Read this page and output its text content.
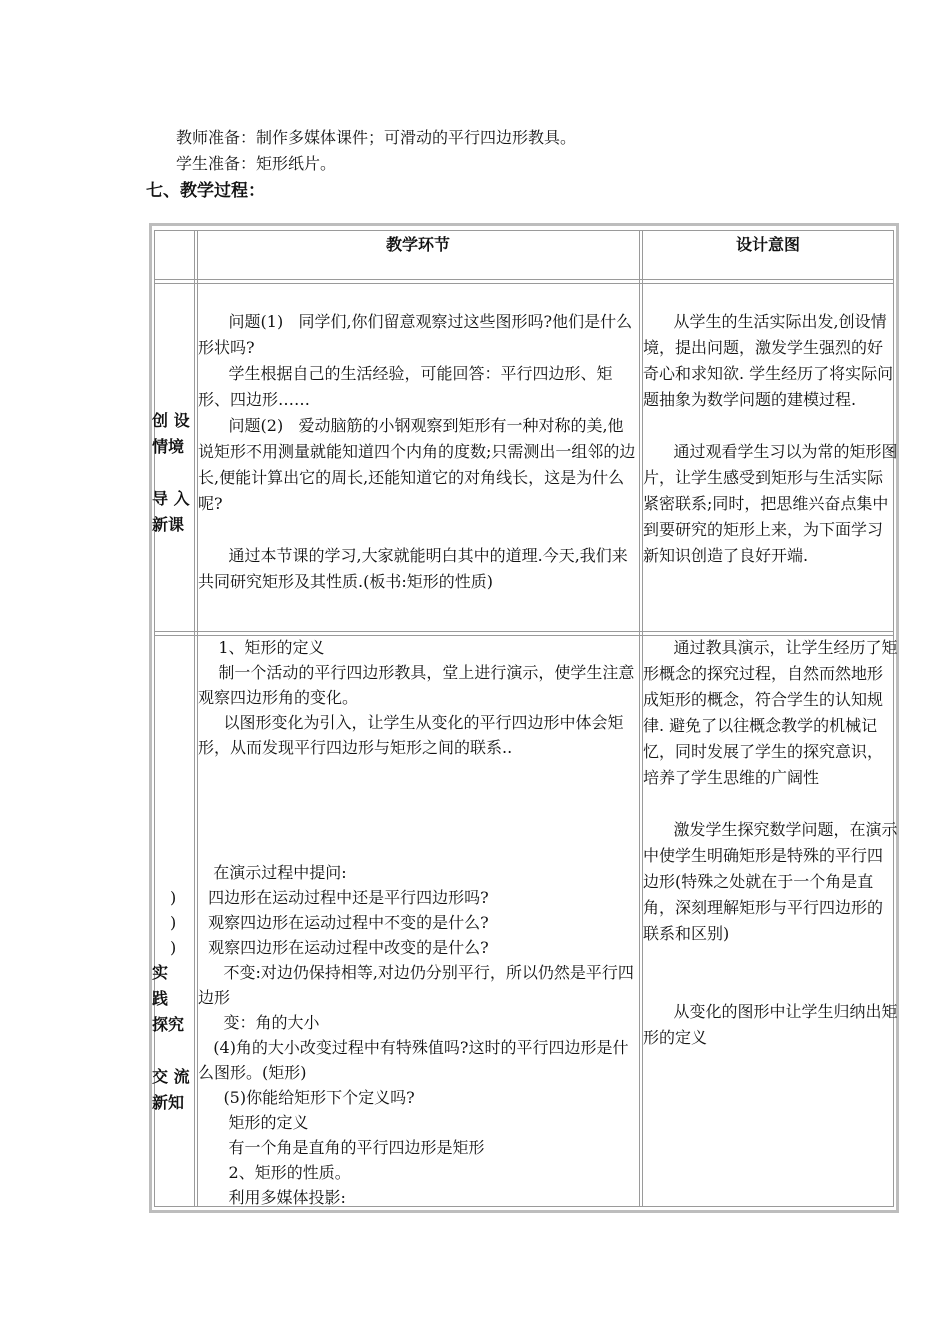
教师准备：制作多媒体课件；可滑动的平行四边形教具。
学生准备：矩形纸片。
七、教学过程：
教学环节	设计意图

创 设

情境

导 入

新课

问题(1)   同学们,你们留意观察过这些图形吗?他们是什么形状吗?

学生根据自己的生活经验，可能回答：平行四边形、矩形、四边形……

问题(2)   爱动脑筋的小钢观察到矩形有一种对称的美,他说矩形不用测量就能知道四个内角的度数;只需测出一组邻的边长,便能计算出它的周长,还能知道它的对角线长，这是为什么呢?

通过本节课的学习,大家就能明白其中的道理.今天,我们来共同研究矩形及其性质.(板书:矩形的性质)

从学生的生活实际出发,创设情境，提出问题，激发学生强烈的好奇心和求知欲. 学生经历了将实际问题抽象为数学问题的建模过程.

通过观看学生习以为常的矩形图片，让学生感受到矩形与生活实际紧密联系;同时，把思维兴奋点集中到要研究的矩形上来，为下面学习新知识创造了良好开端.

实

践

探究

交 流

新知

)
)
)

1、矩形的定义

制一个活动的平行四边形教具，堂上进行演示，使学生注意观察四边形角的变化。

以图形变化为引入，让学生从变化的平行四边形中体会矩形，从而发现平行四边形与矩形之间的联系..

在演示过程中提问:

四边形在运动过程中还是平行四边形吗?

观察四边形在运动过程中不变的是什么?

观察四边形在运动过程中改变的是什么?

不变:对边仍保持相等,对边仍分别平行，所以仍然是平行四边形

变：角的大小

(4)角的大小改变过程中有特殊值吗?这时的平行四边形是什么图形。(矩形)

(5)你能给矩形下个定义吗?

矩形的定义

有一个角是直角的平行四边形是矩形

2、矩形的性质。

利用多媒体投影:

通过教具演示，让学生经历了矩形概念的探究过程，自然而然地形成矩形的概念，符合学生的认知规律. 避免了以往概念教学的机械记忆，同时发展了学生的探究意识，培养了学生思维的广阔性

激发学生探究数学问题，在演示中使学生明确矩形是特殊的平行四边形(特殊之处就在于一个角是直角，深刻理解矩形与平行四边形的联系和区别)

从变化的图形中让学生归纳出矩形的定义
